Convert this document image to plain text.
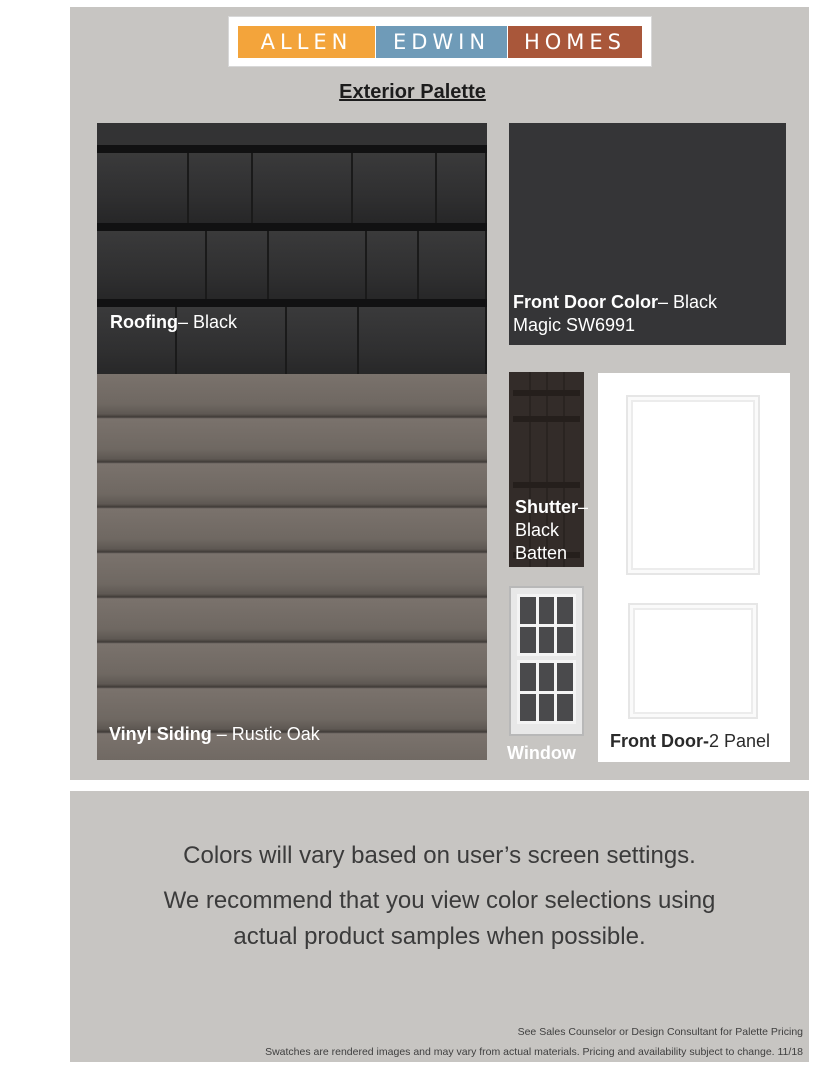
ALLEN	EDWIN	HOMES
Exterior Palette
Roofing– Black
Front Door Color– Black
Magic SW6991
Vinyl Siding – Rustic Oak
Shutter–
Black
Batten
Window
Front Door-2 Panel
Colors will vary based on user’s screen settings.
We recommend that you view color selections using
actual product samples when possible.
See Sales Counselor or Design Consultant for Palette Pricing
Swatches are rendered images and may vary from actual materials. Pricing and availability subject to change. 11/18
